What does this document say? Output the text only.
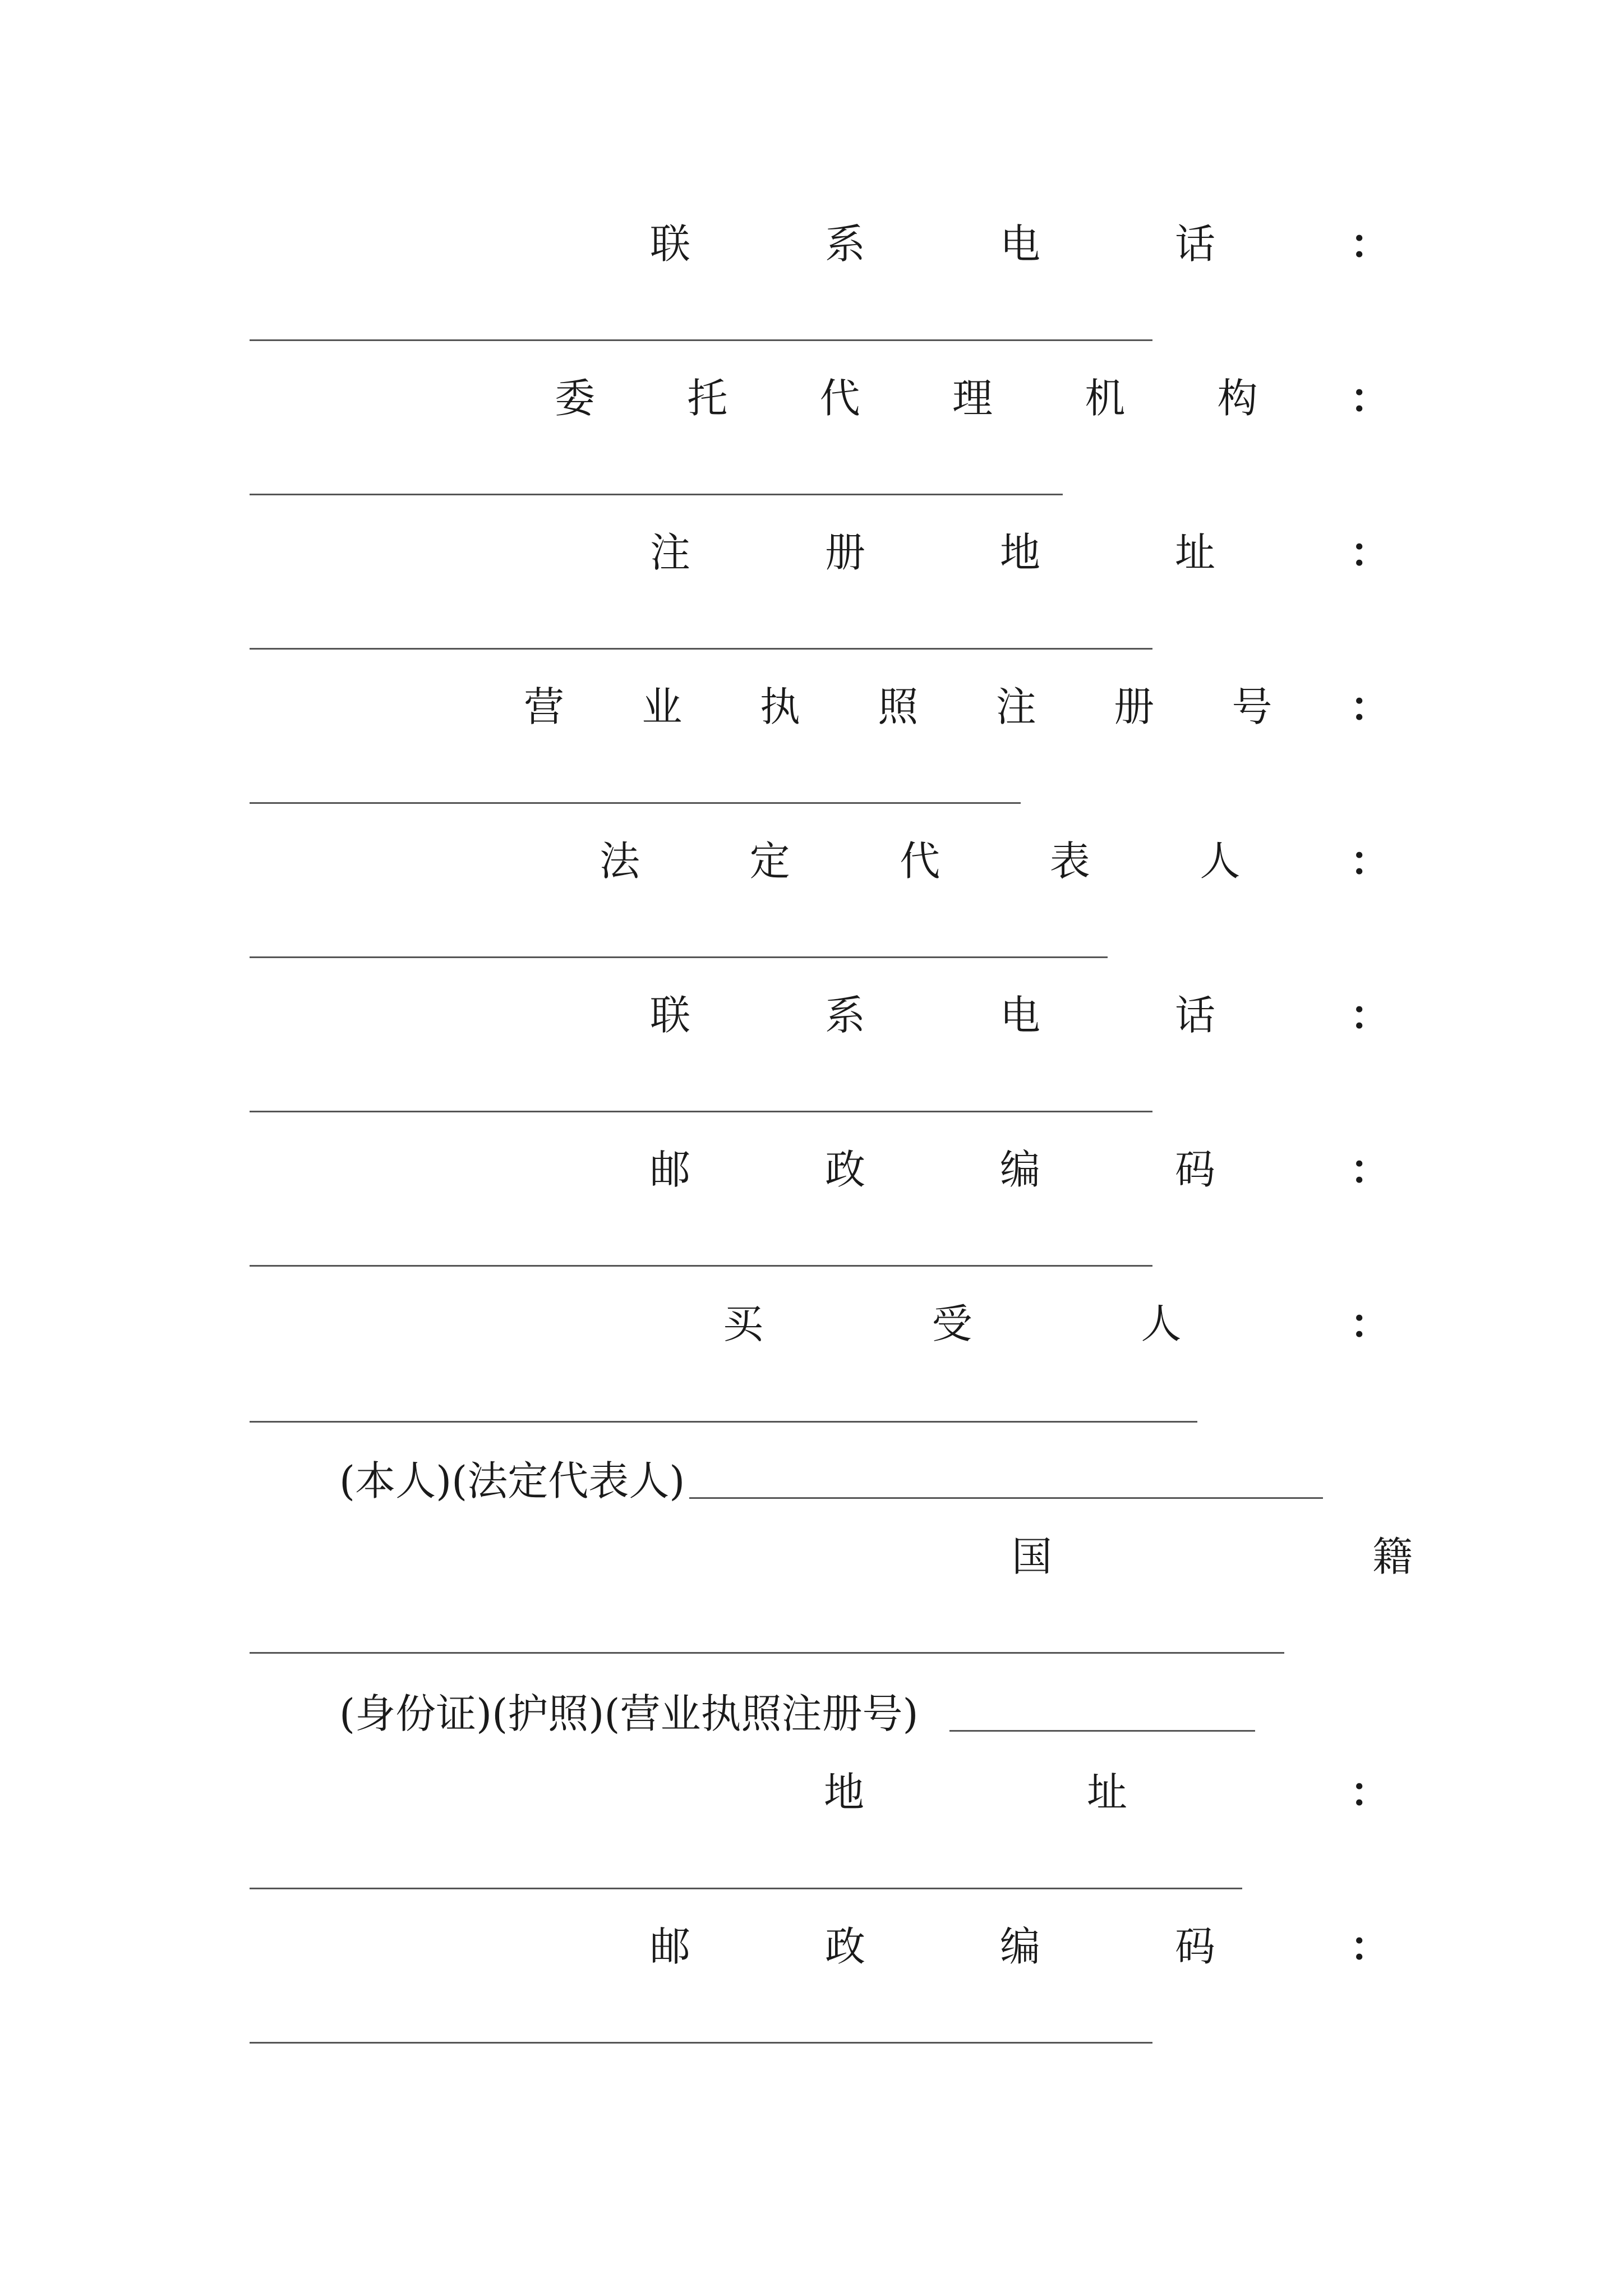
联	系	电	话	：
委 托 代 理 机 构 ：
注	册	地	址	：
营 业 执 照 注 册 号 ：
法	定	代	表	人	：
联	系	电	话	：
邮	政	编	码	：
买	受	人	：
(本人)(法定代表人)
国	籍
(身份证)(护照)(营业执照注册号)
地	址	：
邮	政	编	码	：
